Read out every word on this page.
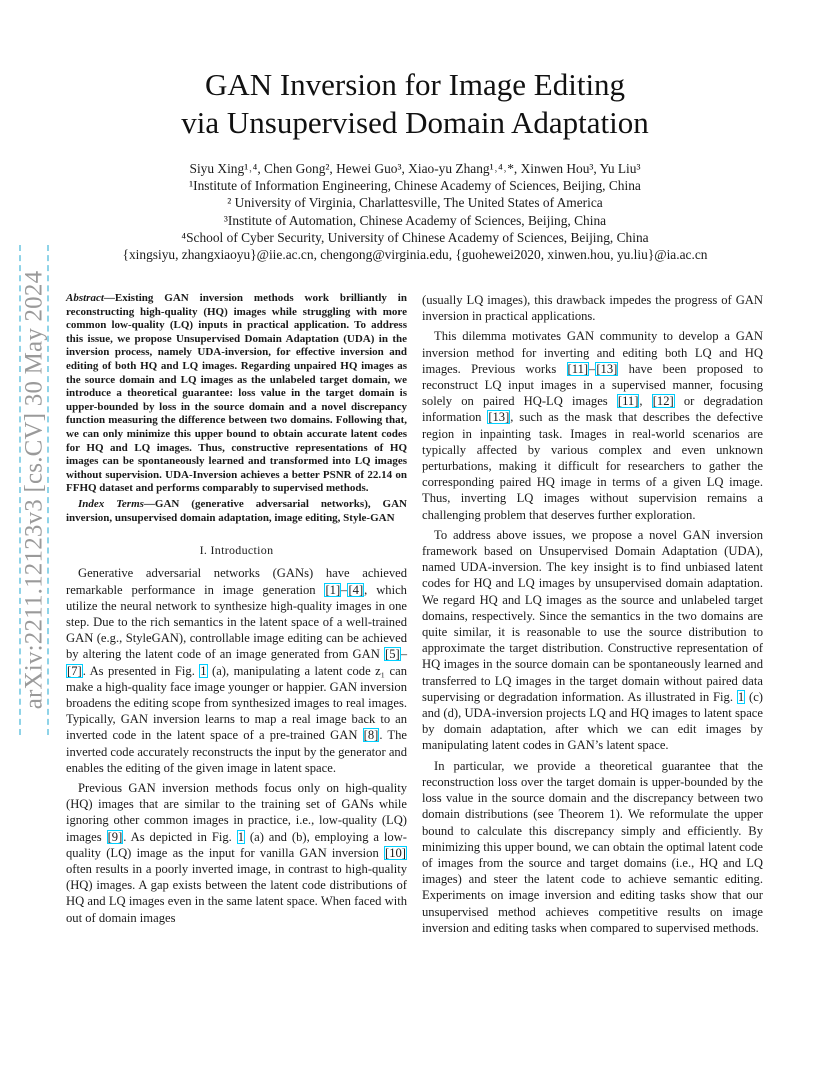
arXiv:2211.12123v3 [cs.CV] 30 May 2024
GAN Inversion for Image Editing
via Unsupervised Domain Adaptation
Siyu Xing¹˒⁴, Chen Gong², Hewei Guo³, Xiao-yu Zhang¹˒⁴˒*, Xinwen Hou³, Yu Liu³
¹Institute of Information Engineering, Chinese Academy of Sciences, Beijing, China
² University of Virginia, Charlattesville, The United States of America
³Institute of Automation, Chinese Academy of Sciences, Beijing, China
⁴School of Cyber Security, University of Chinese Academy of Sciences, Beijing, China
{xingsiyu, zhangxiaoyu}@iie.ac.cn, chengong@virginia.edu, {guohewei2020, xinwen.hou, yu.liu}@ia.ac.cn

Abstract—Existing GAN inversion methods work brilliantly in reconstructing high-quality (HQ) images while struggling with more common low-quality (LQ) inputs in practical application. To address this issue, we propose Unsupervised Domain Adaptation (UDA) in the inversion process, namely UDA-inversion, for effective inversion and editing of both HQ and LQ images. Regarding unpaired HQ images as the source domain and LQ images as the unlabeled target domain, we introduce a theoretical guarantee: loss value in the target domain is upper-bounded by loss in the source domain and a novel discrepancy function measuring the difference between two domains. Following that, we can only minimize this upper bound to obtain accurate latent codes for HQ and LQ images. Thus, constructive representations of HQ images can be spontaneously learned and transformed into LQ images without supervision. UDA-Inversion achieves a better PSNR of 22.14 on FFHQ dataset and performs comparably to supervised methods.

Index Terms—GAN (generative adversarial networks), GAN inversion, unsupervised domain adaptation, image editing, Style-GAN

I. Introduction

Generative adversarial networks (GANs) have achieved remarkable performance in image generation [1]–[4], which utilize the neural network to synthesize high-quality images in one step. Due to the rich semantics in the latent space of a well-trained GAN (e.g., StyleGAN), controllable image editing can be achieved by altering the latent code of an image generated from GAN [5]–[7]. As presented in Fig. 1 (a), manipulating a latent code z₁ can make a high-quality face image younger or happier. GAN inversion broadens the editing scope from synthesized images to real images. Typically, GAN inversion learns to map a real image back to an inverted code in the latent space of a pre-trained GAN [8]. The inverted code accurately reconstructs the input by the generator and enables the editing of the given image in latent space.

Previous GAN inversion methods focus only on high-quality (HQ) images that are similar to the training set of GANs while ignoring other common images in practice, i.e., low-quality (LQ) images [9]. As depicted in Fig. 1 (a) and (b), employing a low-quality (LQ) image as the input for vanilla GAN inversion [10] often results in a poorly inverted image, in contrast to high-quality (HQ) images. A gap exists between the latent code distributions of HQ and LQ images even in the same latent space. When faced with out of domain images

(usually LQ images), this drawback impedes the progress of GAN inversion in practical applications.

This dilemma motivates GAN community to develop a GAN inversion method for inverting and editing both LQ and HQ images. Previous works [11]–[13] have been proposed to reconstruct LQ input images in a supervised manner, focusing solely on paired HQ-LQ images [11], [12] or degradation information [13], such as the mask that describes the defective region in inpainting task. Images in real-world scenarios are typically affected by various complex and even unknown perturbations, making it difficult for researchers to gather the corresponding paired HQ image in terms of a given LQ image. Thus, inverting LQ images without supervision remains a challenging problem that deserves further exploration.

To address above issues, we propose a novel GAN inversion framework based on Unsupervised Domain Adaptation (UDA), named UDA-inversion. The key insight is to find unbiased latent codes for HQ and LQ images by unsupervised domain adaptation. We regard HQ and LQ images as the source and unlabeled target domains, respectively. Since the semantics in the two domains are quite similar, it is reasonable to use the source distribution to approximate the target distribution. Constructive representation of HQ images in the source domain can be spontaneously learned and transferred to LQ images in the target domain without paired data supervising or degradation information. As illustrated in Fig. 1 (c) and (d), UDA-inversion projects LQ and HQ images to latent space by domain adaptation, after which we can edit images by manipulating latent codes in GAN’s latent space.

In particular, we provide a theoretical guarantee that the reconstruction loss over the target domain is upper-bounded by the loss value in the source domain and the discrepancy between two domain distributions (see Theorem 1). We reformulate the upper bound to calculate this discrepancy simply and efficiently. By minimizing this upper bound, we can obtain the optimal latent code of images from the source and target domains (i.e., HQ and LQ images) and steer the latent code to achieve semantic editing. Experiments on image inversion and editing tasks show that our unsupervised method achieves competitive results on image inversion and editing tasks when compared to supervised methods.
